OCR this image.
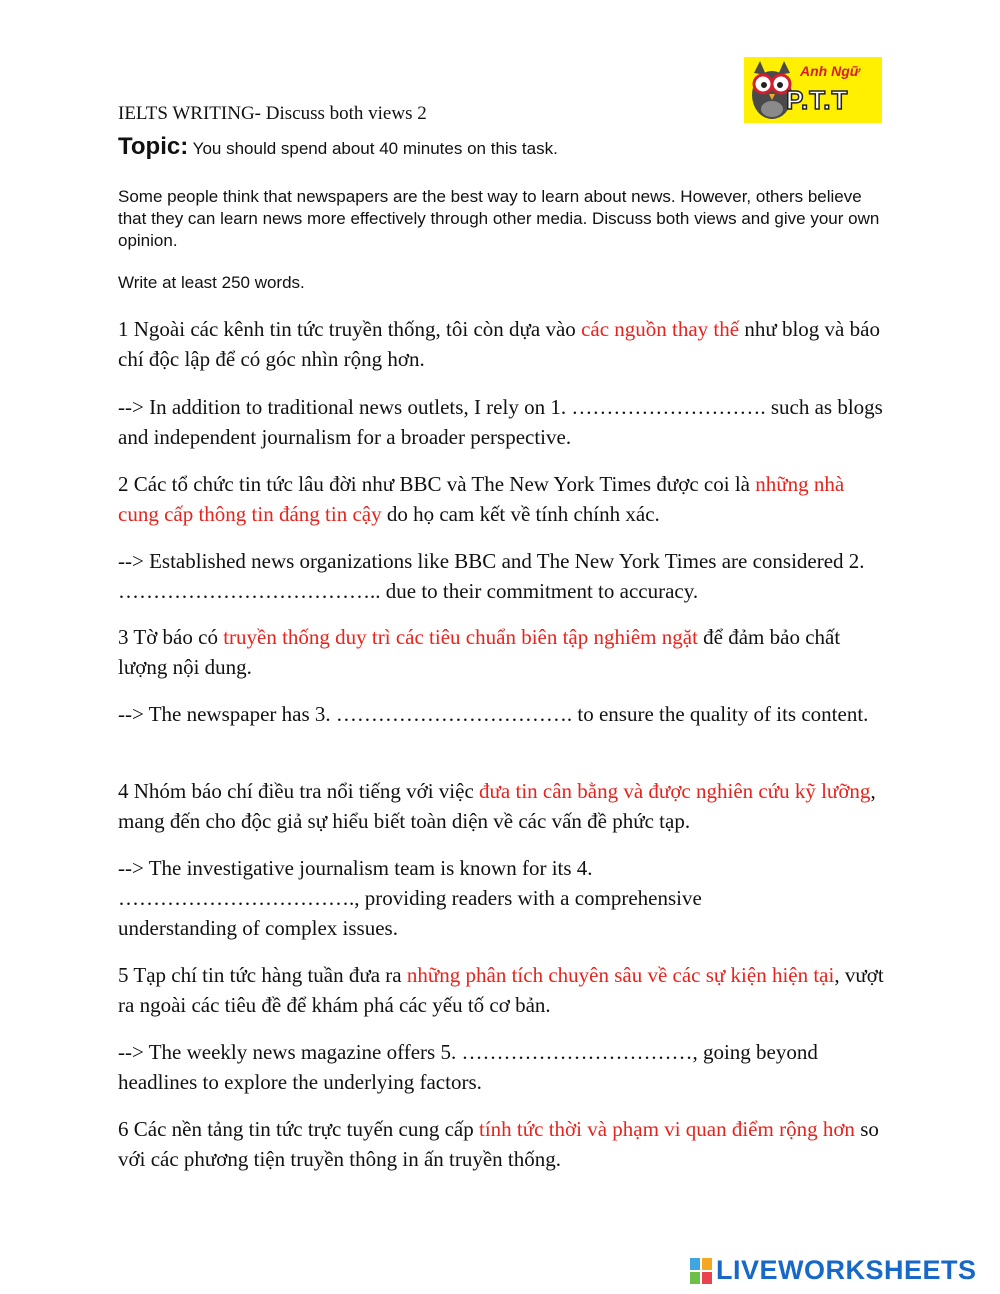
Anh Ngữ
P.T.T
IELTS WRITING- Discuss both views 2
Topic: You should spend about 40 minutes on this task.
Some people think that newspapers are the best way to learn about news. However, others believe that they can learn news more effectively through other media. Discuss both views and give your own opinion.
Write at least 250 words.

1 Ngoài các kênh tin tức truyền thống, tôi còn dựa vào các nguồn thay thế như blog và báo chí độc lập để có góc nhìn rộng hơn.

--> In addition to traditional news outlets, I rely on 1. ………………………. such as blogs and independent journalism for a broader perspective.

2 Các tổ chức tin tức lâu đời như BBC và The New York Times được coi là những nhà cung cấp thông tin đáng tin cậy do họ cam kết về tính chính xác.

--> Established news organizations like BBC and The New York Times are considered 2. ……………………………….. due to their commitment to accuracy.

3 Tờ báo có truyền thống duy trì các tiêu chuẩn biên tập nghiêm ngặt để đảm bảo chất lượng nội dung.

--> The newspaper has 3. ……………………………. to ensure the quality of its content.

4 Nhóm báo chí điều tra nổi tiếng với việc đưa tin cân bằng và được nghiên cứu kỹ lưỡng, mang đến cho độc giả sự hiểu biết toàn diện về các vấn đề phức tạp.

--> The investigative journalism team is known for its 4.

……………………………., providing readers with a comprehensive understanding of complex issues.

5 Tạp chí tin tức hàng tuần đưa ra những phân tích chuyên sâu về các sự kiện hiện tại, vượt ra ngoài các tiêu đề để khám phá các yếu tố cơ bản.

--> The weekly news magazine offers 5. ……………………………, going beyond headlines to explore the underlying factors.

6 Các nền tảng tin tức trực tuyến cung cấp tính tức thời và phạm vi quan điểm rộng hơn so với các phương tiện truyền thông in ấn truyền thống.

LIVEWORKSHEETS
